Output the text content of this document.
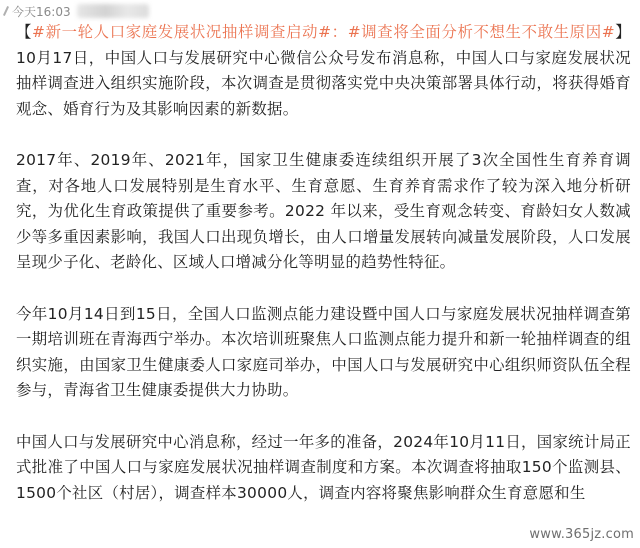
今天16:03

【#新一轮人口家庭发展状况抽样调查启动#：#调查将全面分析不想生不敢生原因#】10月17日，中国人口与发展研究中心微信公众号发布消息称，中国人口与家庭发展状况抽样调查进入组织实施阶段，本次调查是贯彻落实党中央决策部署具体行动，将获得婚育观念、婚育行为及其影响因素的新数据。

2017年、2019年、2021年，国家卫生健康委连续组织开展了3次全国性生育养育调查，对各地人口发展特别是生育水平、生育意愿、生育养育需求作了较为深入地分析研究，为优化生育政策提供了重要参考。2022 年以来，受生育观念转变、育龄妇女人数减少等多重因素影响，我国人口出现负增长，由人口增量发展转向减量发展阶段，人口发展呈现少子化、老龄化、区域人口增减分化等明显的趋势性特征。

今年10月14日到15日，全国人口监测点能力建设暨中国人口与家庭发展状况抽样调查第一期培训班在青海西宁举办。本次培训班聚焦人口监测点能力提升和新一轮抽样调查的组织实施，由国家卫生健康委人口家庭司举办，中国人口与发展研究中心组织师资队伍全程参与，青海省卫生健康委提供大力协助。

中国人口与发展研究中心消息称，经过一年多的准备，2024年10月11日，国家统计局正式批准了中国人口与家庭发展状况抽样调查制度和方案。本次调查将抽取150个监测县、1500个社区（村居），调查样本30000人，调查内容将聚焦影响群众生育意愿和生

www.365jz.com
